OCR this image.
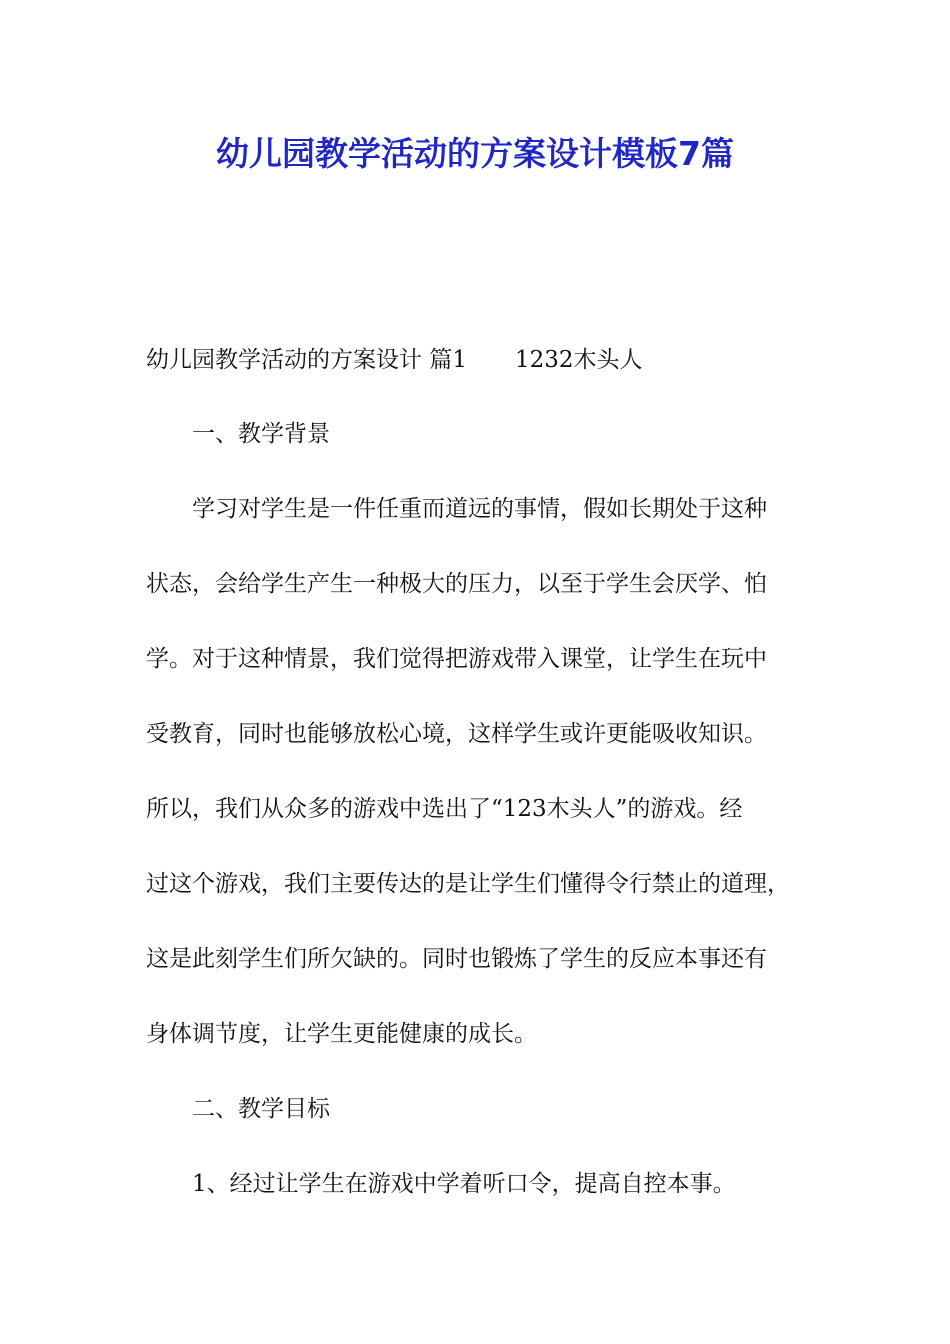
幼儿园教学活动的方案设计模板7篇

幼儿园教学活动的方案设计 篇1 1232木头人

一、教学背景

学习对学生是一件任重而道远的事情，假如长期处于这种

状态，会给学生产生一种极大的压力，以至于学生会厌学、怕

学。对于这种情景，我们觉得把游戏带入课堂，让学生在玩中

受教育，同时也能够放松心境，这样学生或许更能吸收知识。

所以，我们从众多的游戏中选出了“123木头人”的游戏。经

过这个游戏，我们主要传达的是让学生们懂得令行禁止的道理，

这是此刻学生们所欠缺的。同时也锻炼了学生的反应本事还有

身体调节度，让学生更能健康的成长。

二、教学目标

1、经过让学生在游戏中学着听口令，提高自控本事。
